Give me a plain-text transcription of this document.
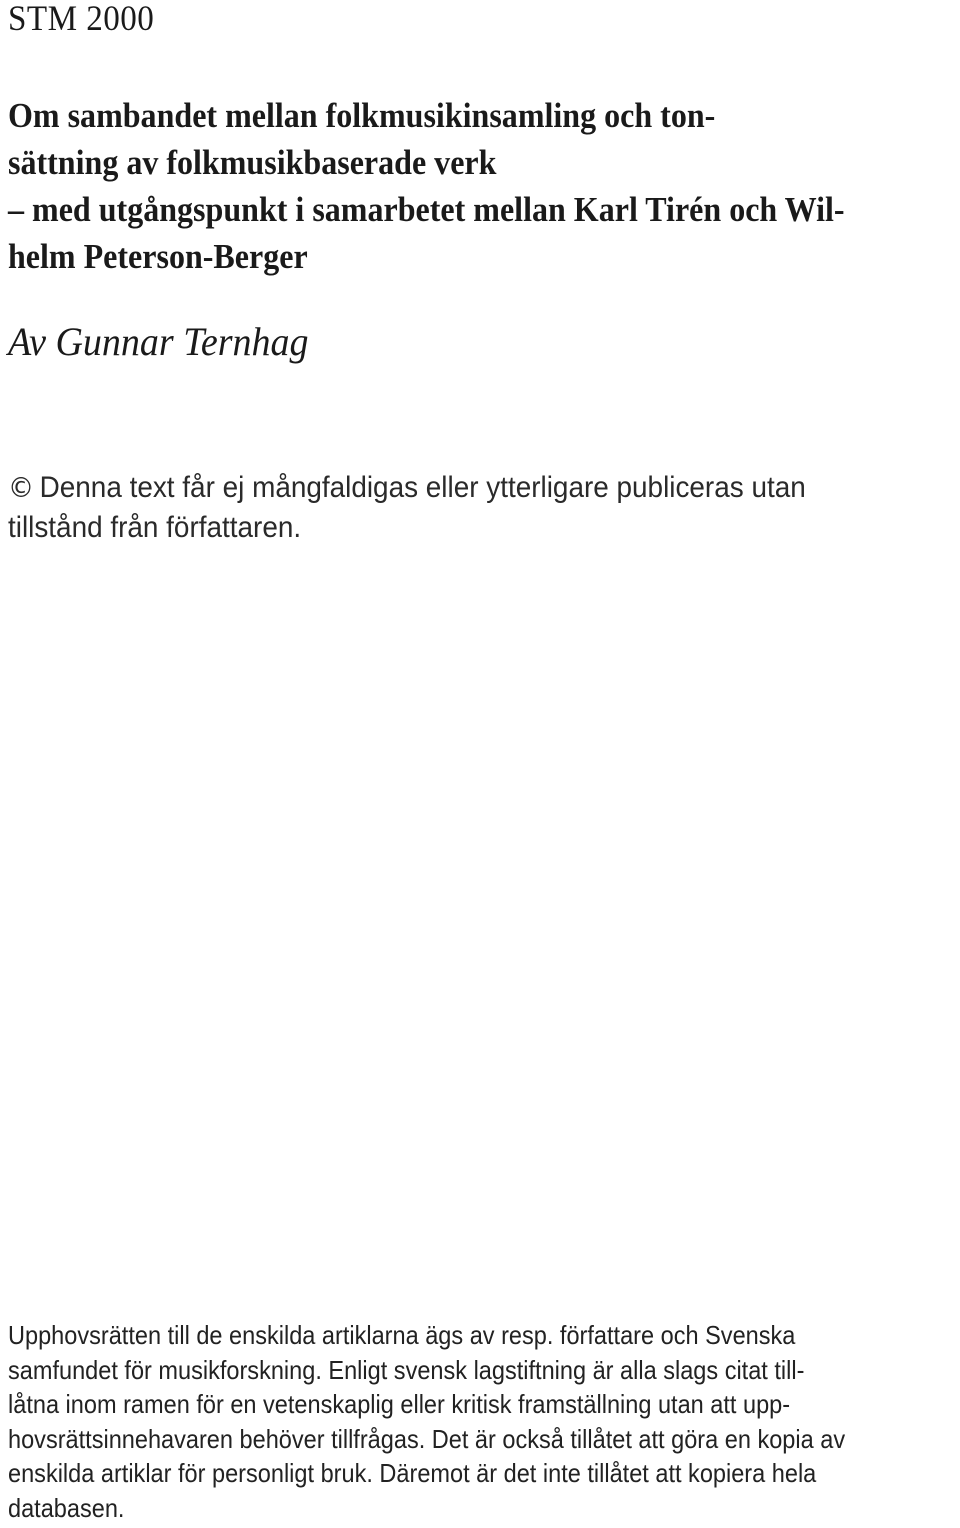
STM 2000
Om sambandet mellan folkmusikinsamling och ton-
sättning av folkmusikbaserade verk
– med utgångspunkt i samarbetet mellan Karl Tirén och Wil-
helm Peterson-Berger

Av Gunnar Ternhag

© Denna text får ej mångfaldigas eller ytterligare publiceras utan
tillstånd från författaren.

Upphovsrätten till de enskilda artiklarna ägs av resp. författare och Svenska
samfundet för musikforskning. Enligt svensk lagstiftning är alla slags citat till-
låtna inom ramen för en vetenskaplig eller kritisk framställning utan att upp-
hovsrättsinnehavaren behöver tillfrågas. Det är också tillåtet att göra en kopia av
enskilda artiklar för personligt bruk. Däremot är det inte tillåtet att kopiera hela
databasen.
